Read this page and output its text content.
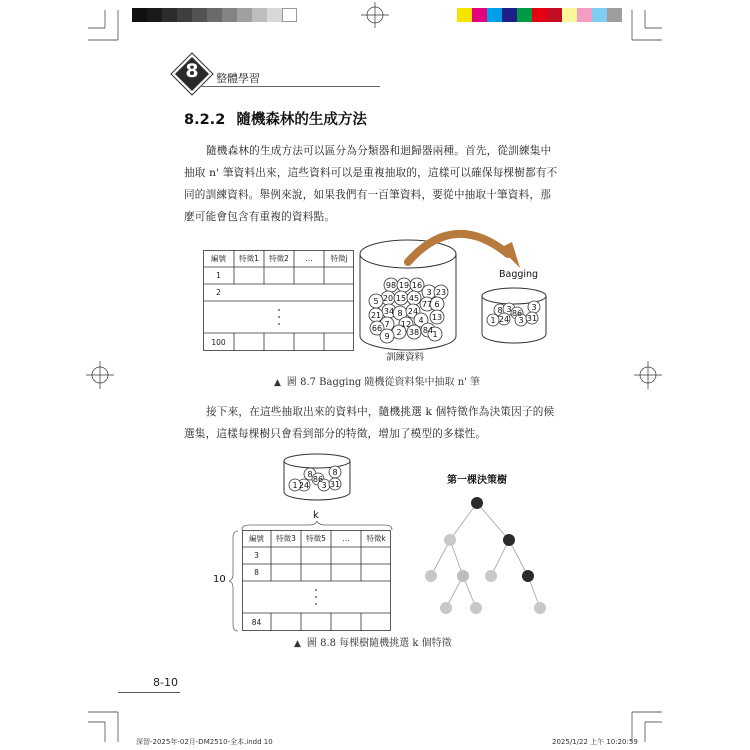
8	整體學習
8.2.2 隨機森林的生成方法
隨機森林的生成方法可以區分為分類器和迴歸器兩種。首先，從訓練集中
抽取 n' 筆資料出來，這些資料可以是重複抽取的，這樣可以確保每棵樹都有不
同的訓練資料。舉例來說，如果我們有一百筆資料，要從中抽取十筆資料，那
麼可能會包含有重複的資料點。
編號	特徵1	特徵2	…	特徵j
1
2
100
98 19 16
3 23
20 15 45
77 6
5
34 8 24
21
7 12 4 13
66 2 38 84
9	1
訓練資料
Bagging
8 3 3
86
24
1	3 31
▲ 圖 8.7 Bagging 隨機從資料集中抽取 n' 筆
接下來，在這些抽取出來的資料中，隨機挑選 k 個特徵作為決策因子的候
選集，這樣每棵樹只會看到部分的特徵，增加了模型的多樣性。
8 8
86
24
1	3 31
k
10
編號	特徵3	特徵5	…	特徵k
3
8
84
第一棵決策樹
▲ 圖 8.8 每棵樹隨機挑選 k 個特徵
8-10
深智-2025年-02月-DM2510-全本.indd 10	2025/1/22 上午 10:20:59
